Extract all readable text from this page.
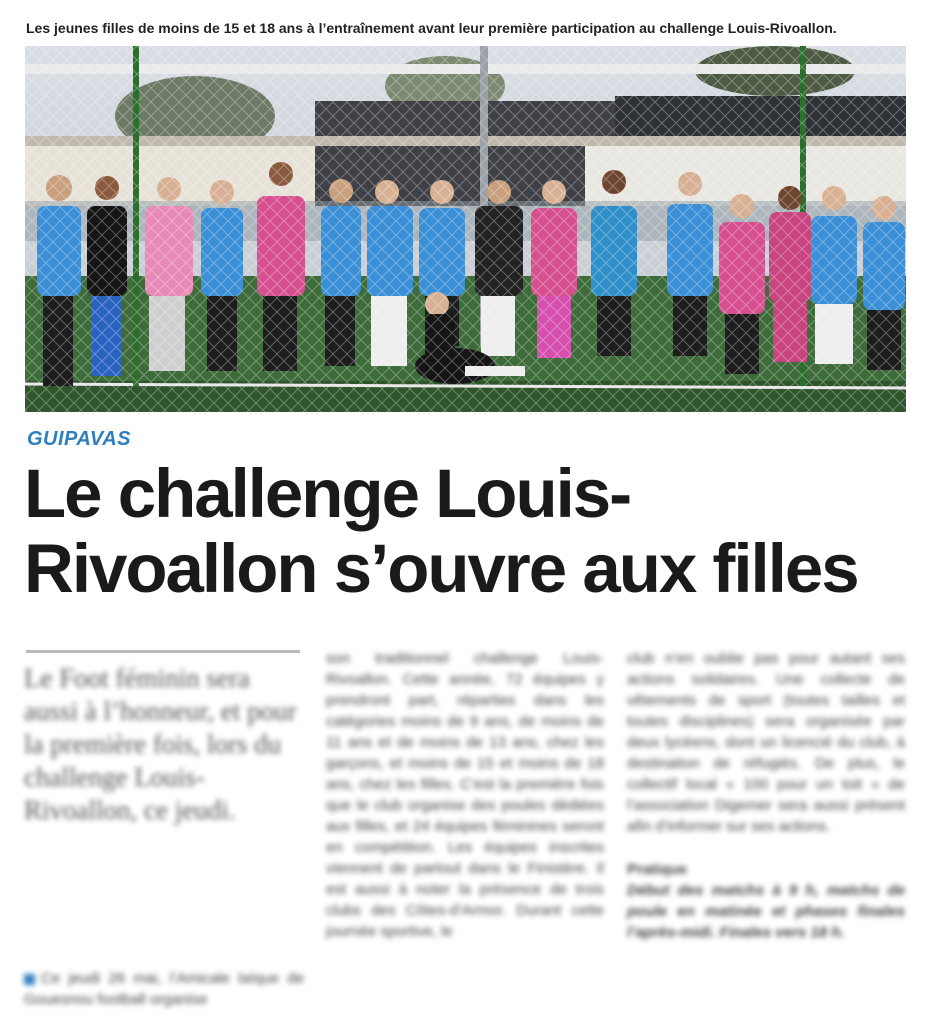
Les jeunes filles de moins de 15 et 18 ans à l’entraînement avant leur première participation au challenge Louis-Rivoallon.
GUIPAVAS
Le challenge Louis-
Rivoallon s’ouvre aux filles
Le Foot féminin sera aussi à l’honneur, et pour la première fois, lors du challenge Louis-Rivoallon, ce jeudi.
Ce jeudi 26 mai, l’Amicale laïque de Gouesnou football organise

son traditionnel challenge Louis-Rivoallon. Cette année, 72 équipes y prendront part, réparties dans les catégories moins de 9 ans, de moins de 11 ans et de moins de 13 ans, chez les garçons, et moins de 15 et moins de 18 ans, chez les filles. C’est la première fois que le club organise des poules dédiées aux filles, et 24 équipes féminines seront en compétition. Les équipes inscrites viennent de partout dans le Finistère. Il est aussi à noter la présence de trois clubs des Côtes-d’Armor. Durant cette journée sportive, le

club n’en oublie pas pour autant ses actions solidaires. Une collecte de vêtements de sport (toutes tailles et toutes disciplines) sera organisée par deux lycéens, dont un licencié du club, à destination de réfugiés. De plus, le collectif local « 100 pour un toit » de l’association Digemer sera aussi présent afin d’informer sur ses actions.

Pratique

Début des matchs à 9 h, matchs de poule en matinée et phases finales l’après-midi. Finales vers 18 h.
